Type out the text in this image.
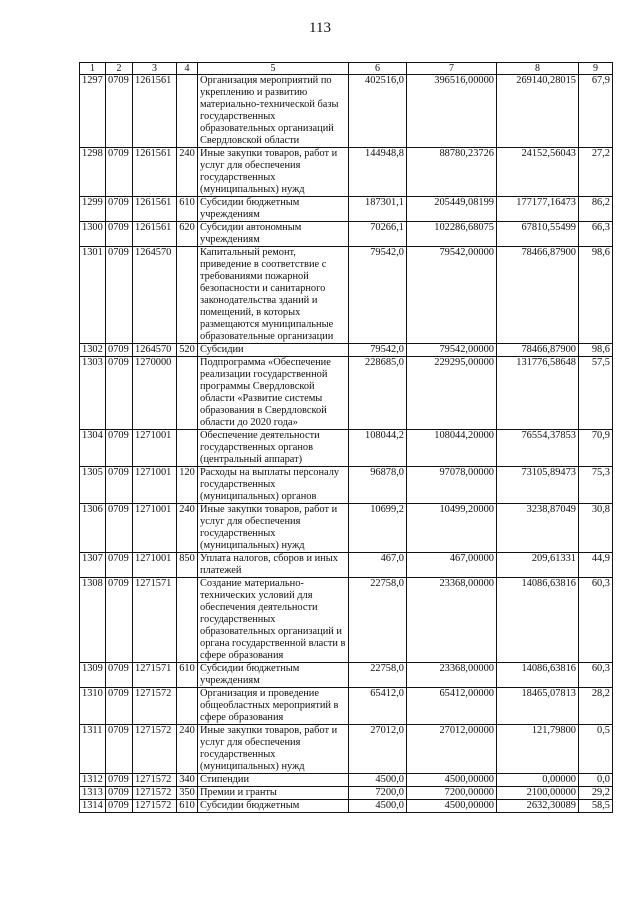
113
1	2	3	4	5	6	7	8	9
1297	0709	1261561		Организация мероприятий по укреплению и развитию материально-технической базы государственных образовательных организаций Свердловской области	402516,0	396516,00000	269140,28015	67,9
1298	0709	1261561	240	Иные закупки товаров, работ и услуг для обеспечения государственных (муниципальных) нужд	144948,8	88780,23726	24152,56043	27,2
1299	0709	1261561	610	Субсидии бюджетным учреждениям	187301,1	205449,08199	177177,16473	86,2
1300	0709	1261561	620	Субсидии автономным учреждениям	70266,1	102286,68075	67810,55499	66,3
1301	0709	1264570		Капитальный ремонт, приведение в соответствие с требованиями пожарной безопасности и санитарного законодательства зданий и помещений, в которых размещаются муниципальные образовательные организации	79542,0	79542,00000	78466,87900	98,6
1302	0709	1264570	520	Субсидии	79542,0	79542,00000	78466,87900	98,6
1303	0709	1270000		Подпрограмма «Обеспечение реализации государственной программы Свердловской области «Развитие системы образования в Свердловской области до 2020 года»	228685,0	229295,00000	131776,58648	57,5
1304	0709	1271001		Обеспечение деятельности государственных органов (центральный аппарат)	108044,2	108044,20000	76554,37853	70,9
1305	0709	1271001	120	Расходы на выплаты персоналу государственных (муниципальных) органов	96878,0	97078,00000	73105,89473	75,3
1306	0709	1271001	240	Иные закупки товаров, работ и услуг для обеспечения государственных (муниципальных) нужд	10699,2	10499,20000	3238,87049	30,8
1307	0709	1271001	850	Уплата налогов, сборов и иных платежей	467,0	467,00000	209,61331	44,9
1308	0709	1271571		Создание материально-технических условий для обеспечения деятельности государственных образовательных организаций и органа государственной власти в сфере образования	22758,0	23368,00000	14086,63816	60,3
1309	0709	1271571	610	Субсидии бюджетным учреждениям	22758,0	23368,00000	14086,63816	60,3
1310	0709	1271572		Организация и проведение общеобластных мероприятий в сфере образования	65412,0	65412,00000	18465,07813	28,2
1311	0709	1271572	240	Иные закупки товаров, работ и услуг для обеспечения государственных (муниципальных) нужд	27012,0	27012,00000	121,79800	0,5
1312	0709	1271572	340	Стипендии	4500,0	4500,00000	0,00000	0,0
1313	0709	1271572	350	Премии и гранты	7200,0	7200,00000	2100,00000	29,2
1314	0709	1271572	610	Субсидии бюджетным	4500,0	4500,00000	2632,30089	58,5
